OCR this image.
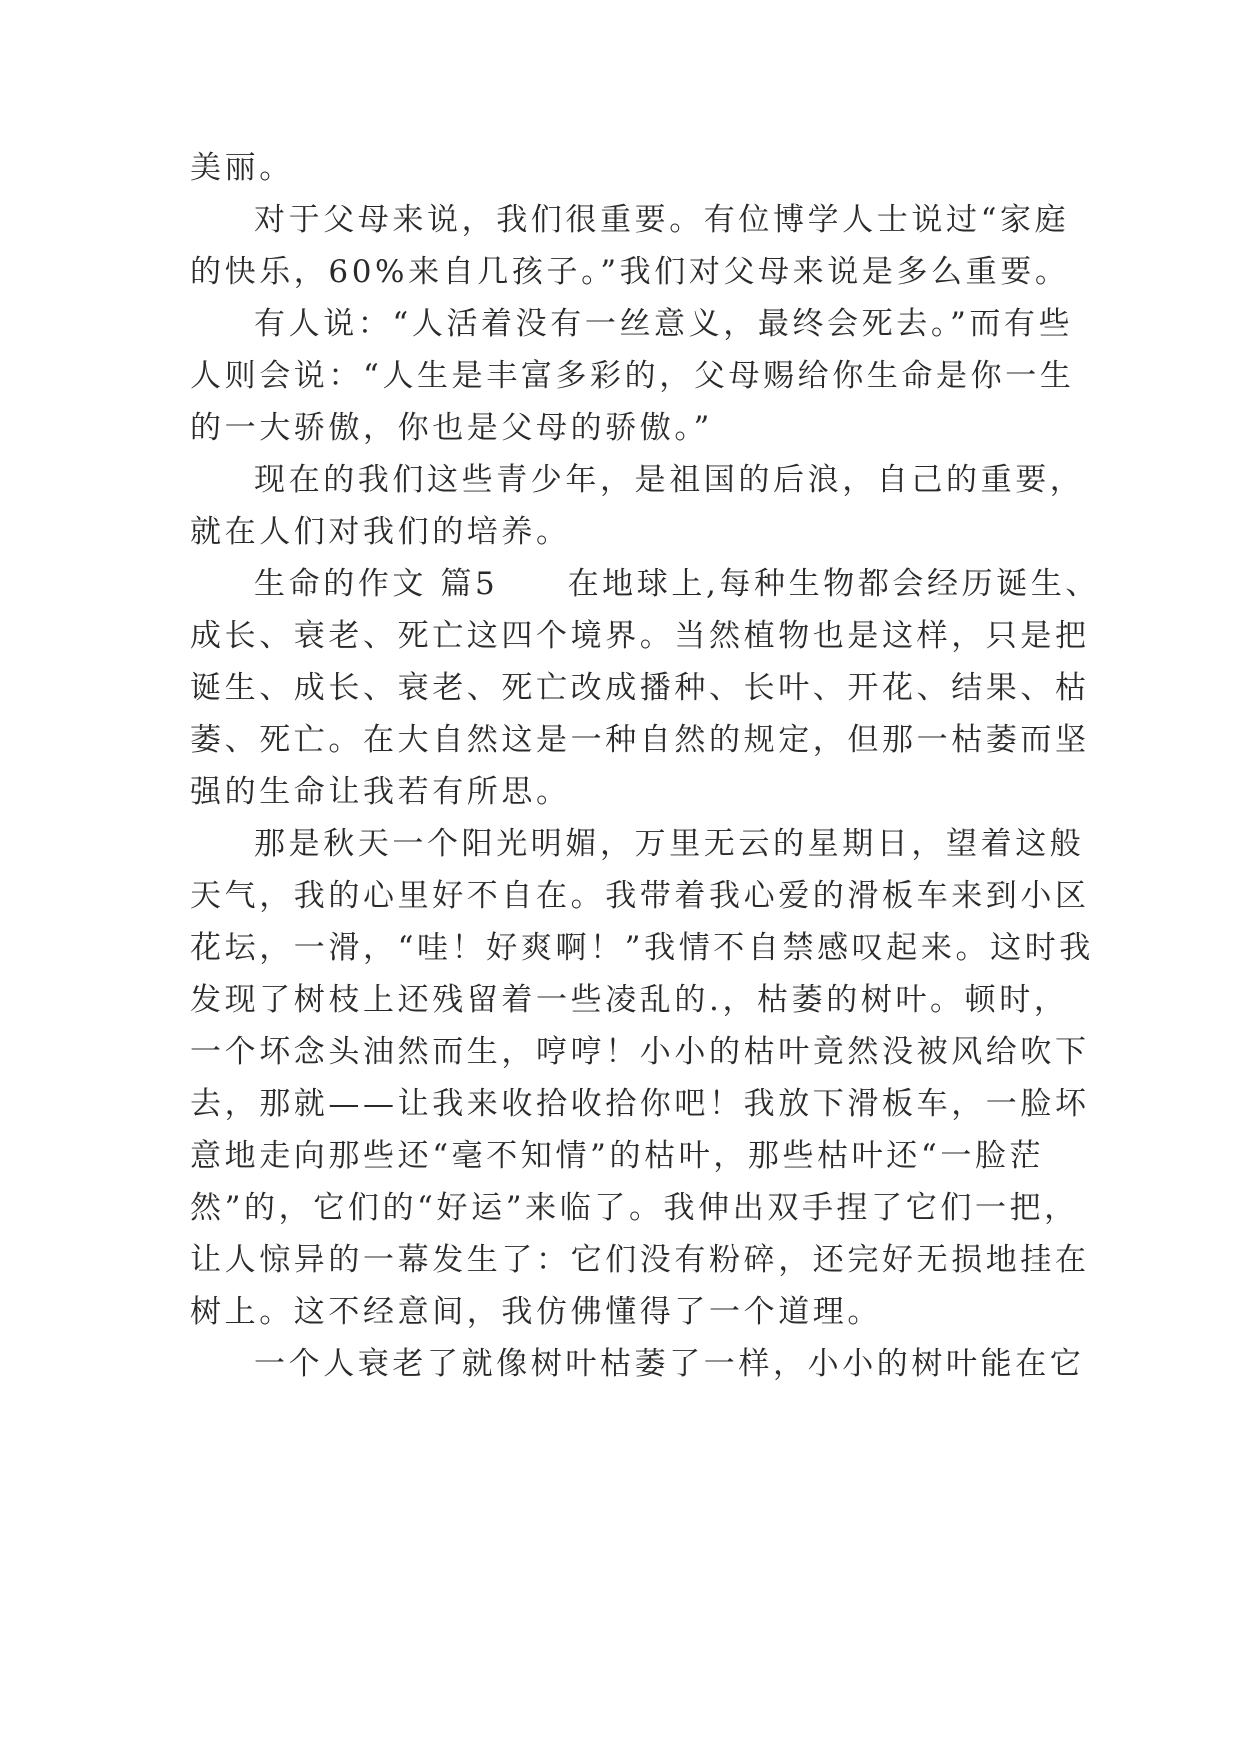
美丽。
对于父母来说，我们很重要。有位博学人士说过“家庭
的快乐，60%来自几孩子。”我们对父母来说是多么重要。
有人说：“人活着没有一丝意义，最终会死去。”而有些
人则会说：“人生是丰富多彩的，父母赐给你生命是你一生
的一大骄傲，你也是父母的骄傲。”
现在的我们这些青少年，是祖国的后浪，自己的重要，
就在人们对我们的培养。
生命的作文 篇5　　在地球上,每种生物都会经历诞生、
成长、衰老、死亡这四个境界。当然植物也是这样，只是把
诞生、成长、衰老、死亡改成播种、长叶、开花、结果、枯
萎、死亡。在大自然这是一种自然的规定，但那一枯萎而坚
强的生命让我若有所思。
那是秋天一个阳光明媚，万里无云的星期日，望着这般
天气，我的心里好不自在。我带着我心爱的滑板车来到小区
花坛，一滑，“哇！好爽啊！”我情不自禁感叹起来。这时我
发现了树枝上还残留着一些凌乱的.，枯萎的树叶。顿时，
一个坏念头油然而生，哼哼！小小的枯叶竟然没被风给吹下
去，那就——让我来收拾收拾你吧！我放下滑板车，一脸坏
意地走向那些还“毫不知情”的枯叶，那些枯叶还“一脸茫
然”的，它们的“好运”来临了。我伸出双手捏了它们一把，
让人惊异的一幕发生了：它们没有粉碎，还完好无损地挂在
树上。这不经意间，我仿佛懂得了一个道理。
一个人衰老了就像树叶枯萎了一样，小小的树叶能在它
